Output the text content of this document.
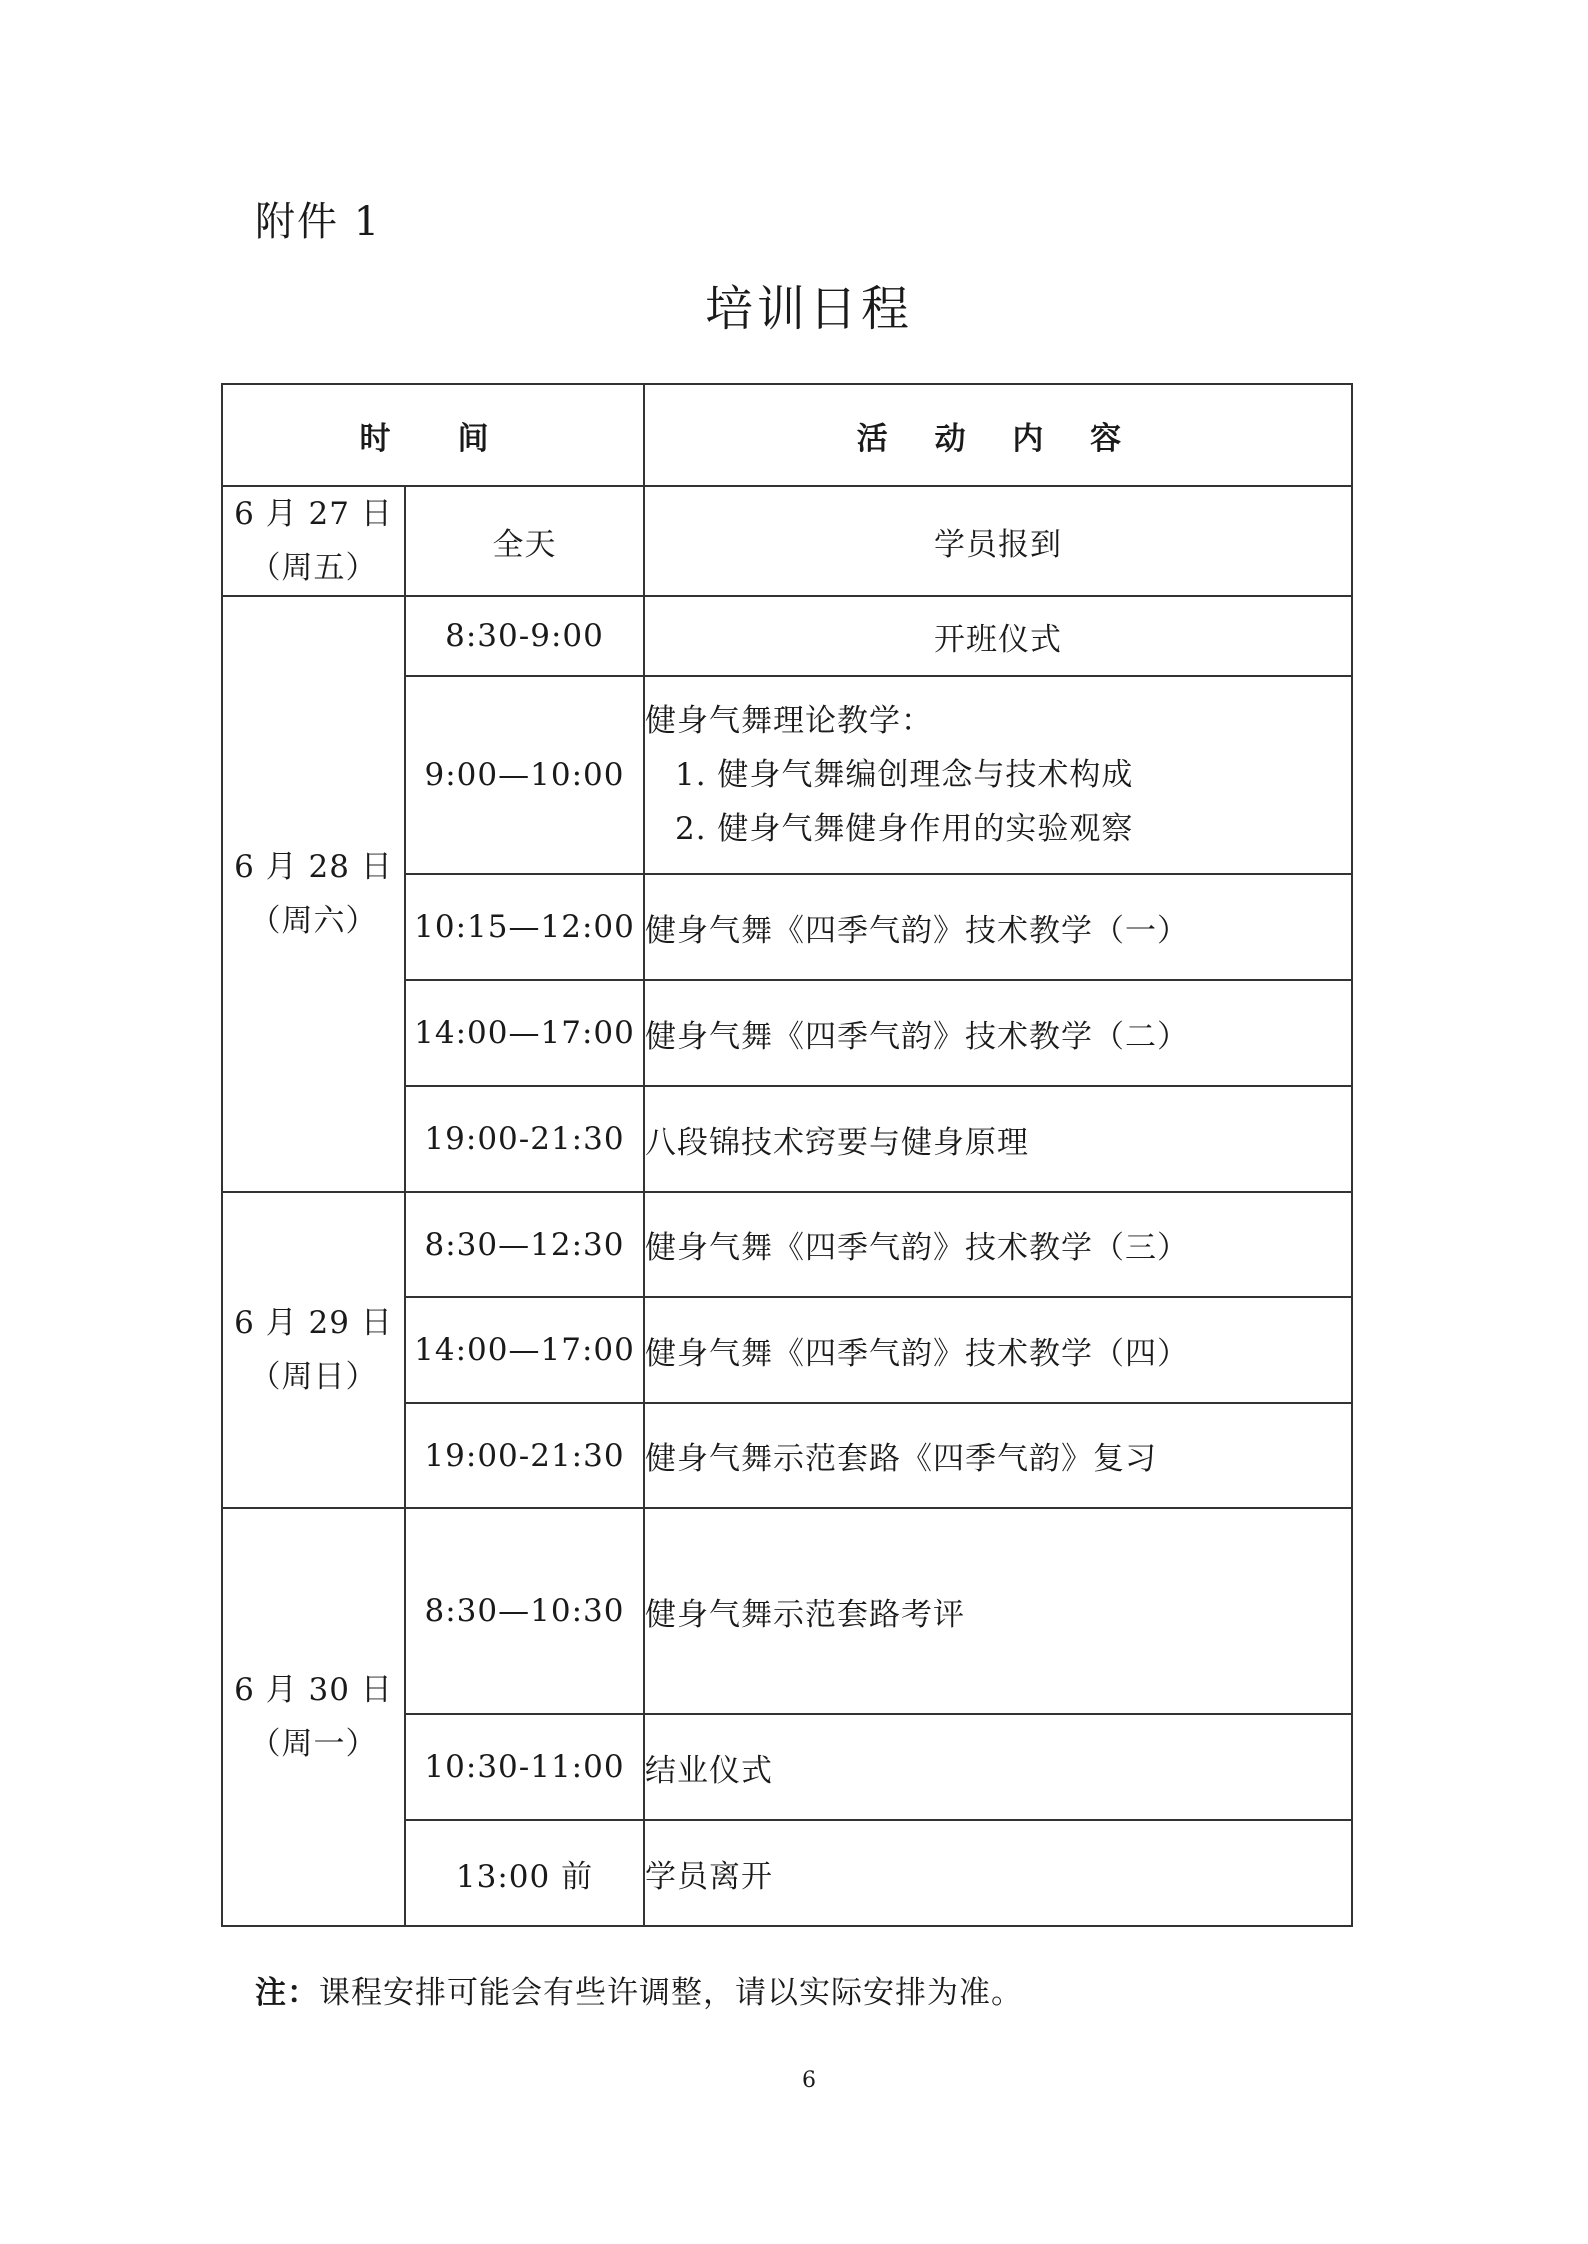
附件 1
培训日程
时　间		活 动 内 容

6 月 27 日
（周五）	全天	学员报到

6 月 28 日
（周六）	8:30-9:00	开班仪式
	9:00—10:00	健身气舞理论教学：
1. 健身气舞编创理念与技术构成
2. 健身气舞健身作用的实验观察

	10:15—12:00	健身气舞《四季气韵》技术教学（一）
	14:00—17:00	健身气舞《四季气韵》技术教学（二）
	19:00-21:30	八段锦技术窍要与健身原理

6 月 29 日
（周日）	8:30—12:30	健身气舞《四季气韵》技术教学（三）
	14:00—17:00	健身气舞《四季气韵》技术教学（四）
	19:00-21:30	健身气舞示范套路《四季气韵》复习

6 月 30 日
（周一）	8:30—10:30	健身气舞示范套路考评
	10:30-11:00	结业仪式
	13:00 前	学员离开
注：课程安排可能会有些许调整，请以实际安排为准。
6
